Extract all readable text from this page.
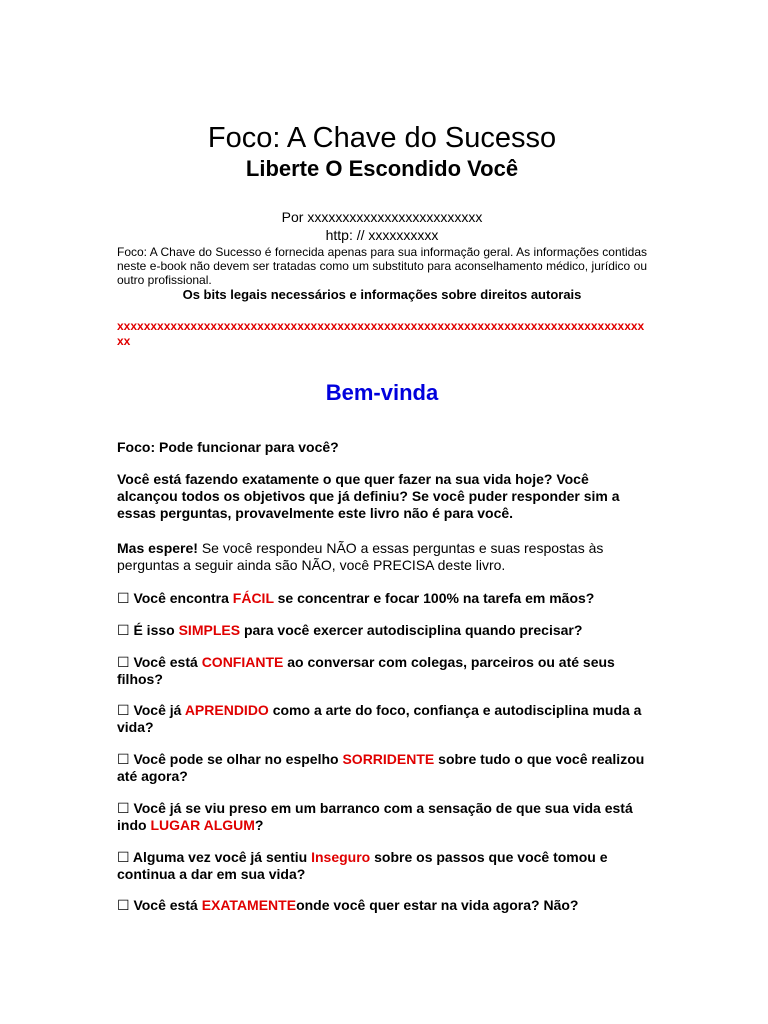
Foco: A Chave do Sucesso
Liberte O Escondido Você
Por xxxxxxxxxxxxxxxxxxxxxxxxx
http: // xxxxxxxxxx
Foco: A Chave do Sucesso é fornecida apenas para sua informação geral. As informações contidas neste e-book não devem ser tratadas como um substituto para aconselhamento médico, jurídico ou outro profissional.
Os bits legais necessários e informações sobre direitos autorais
xxxxxxxxxxxxxxxxxxxxxxxxxxxxxxxxxxxxxxxxxxxxxxxxxxxxxxxxxxxxxxxxxxxxxxxxxxxxxxxxx
Bem-vinda
Foco: Pode funcionar para você?
Você está fazendo exatamente o que quer fazer na sua vida hoje? Você alcançou todos os objetivos que já definiu? Se você puder responder sim a essas perguntas, provavelmente este livro não é para você.
Mas espere! Se você respondeu NÃO a essas perguntas e suas respostas às perguntas a seguir ainda são NÃO, você PRECISA deste livro.
☐ Você encontra FÁCIL se concentrar e focar 100% na tarefa em mãos?
☐ É isso SIMPLES para você exercer autodisciplina quando precisar?
☐ Você está CONFIANTE ao conversar com colegas, parceiros ou até seus filhos?
☐ Você já APRENDIDO como a arte do foco, confiança e autodisciplina muda a vida?
☐ Você pode se olhar no espelho SORRIDENTE sobre tudo o que você realizou até agora?
☐ Você já se viu preso em um barranco com a sensação de que sua vida está indo LUGAR ALGUM?
☐ Alguma vez você já sentiu Inseguro sobre os passos que você tomou e continua a dar em sua vida?
☐ Você está EXATAMENTEonde você quer estar na vida agora? Não?
